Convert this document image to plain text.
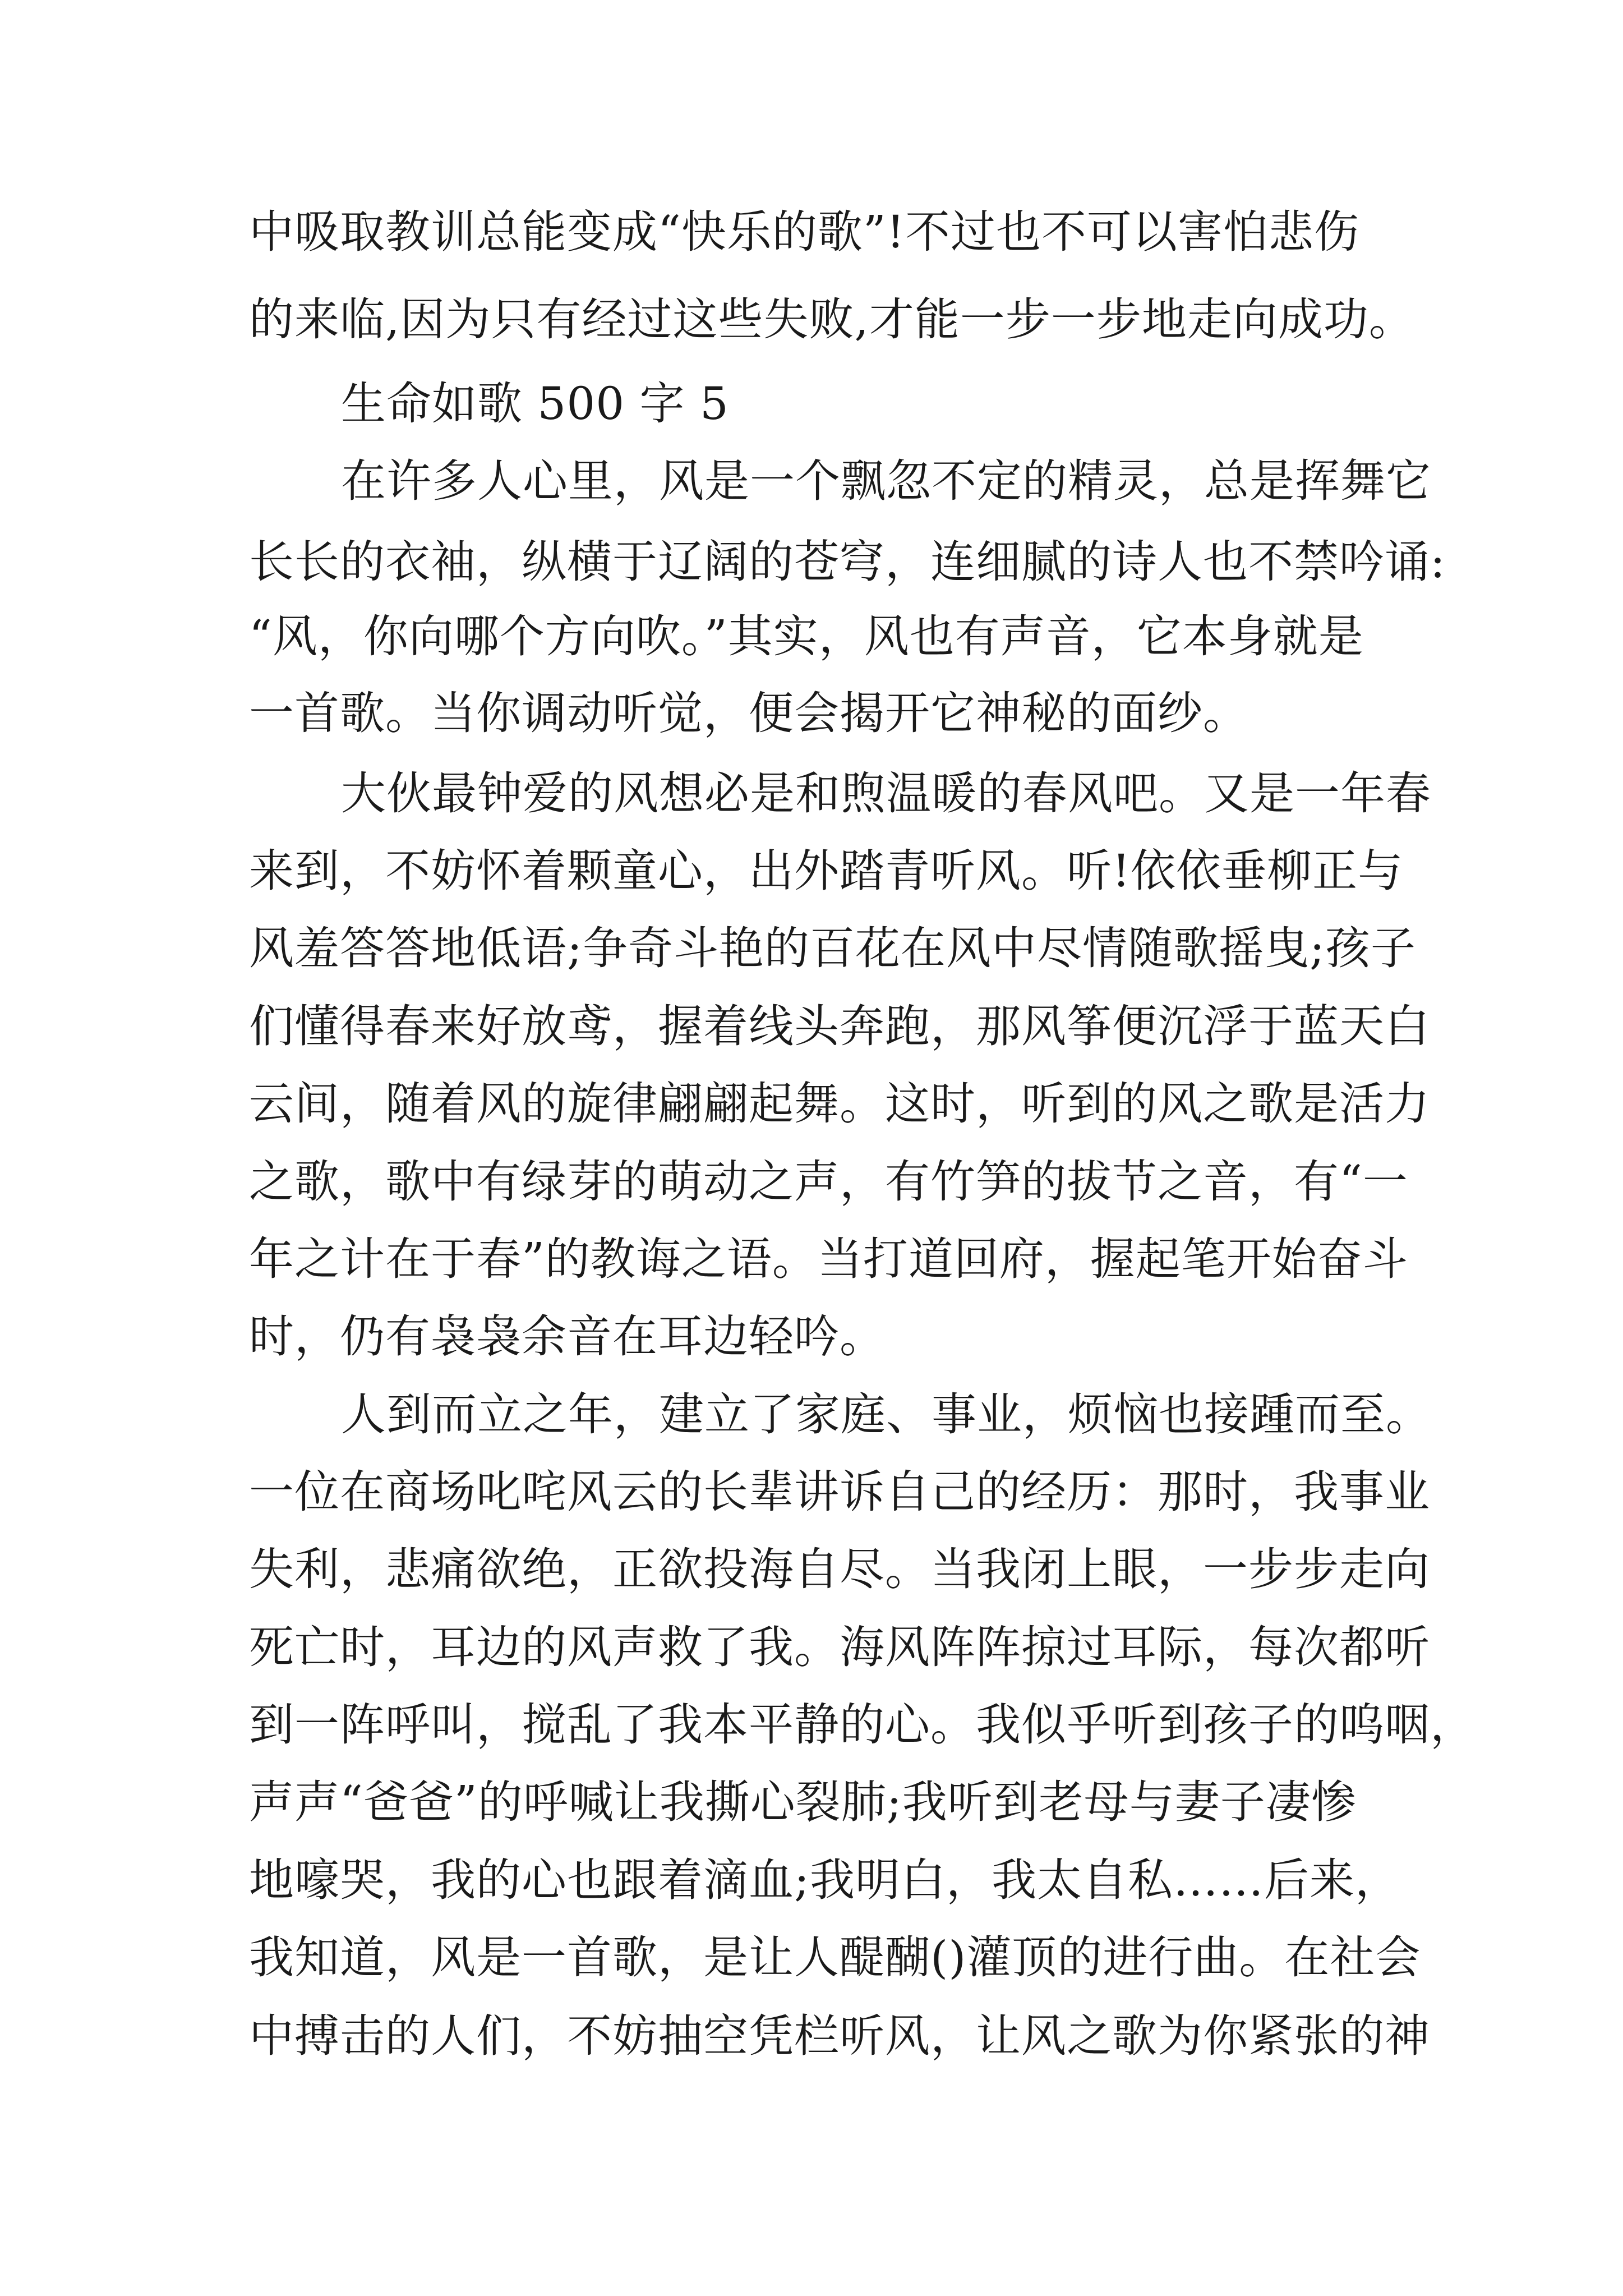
中吸取教训总能变成“快乐的歌”!不过也不可以害怕悲伤
的来临,因为只有经过这些失败,才能一步一步地走向成功。
生命如歌 500 字 5
在许多人心里，风是一个飘忽不定的精灵，总是挥舞它
长长的衣袖，纵横于辽阔的苍穹，连细腻的诗人也不禁吟诵:
“风，你向哪个方向吹。”其实，风也有声音，它本身就是
一首歌。当你调动听觉，便会揭开它神秘的面纱。
大伙最钟爱的风想必是和煦温暖的春风吧。又是一年春
来到，不妨怀着颗童心，出外踏青听风。听!依依垂柳正与
风羞答答地低语;争奇斗艳的百花在风中尽情随歌摇曳;孩子
们懂得春来好放鸢，握着线头奔跑，那风筝便沉浮于蓝天白
云间，随着风的旋律翩翩起舞。这时，听到的风之歌是活力
之歌，歌中有绿芽的萌动之声，有竹笋的拔节之音，有“一
年之计在于春”的教诲之语。当打道回府，握起笔开始奋斗
时，仍有袅袅余音在耳边轻吟。
人到而立之年，建立了家庭、事业，烦恼也接踵而至。
一位在商场叱咤风云的长辈讲诉自己的经历：那时，我事业
失利，悲痛欲绝，正欲投海自尽。当我闭上眼，一步步走向
死亡时，耳边的风声救了我。海风阵阵掠过耳际，每次都听
到一阵呼叫，搅乱了我本平静的心。我似乎听到孩子的呜咽，
声声“爸爸”的呼喊让我撕心裂肺;我听到老母与妻子凄惨
地嚎哭，我的心也跟着滴血;我明白，我太自私……后来，
我知道，风是一首歌，是让人醍醐()灌顶的进行曲。在社会
中搏击的人们，不妨抽空凭栏听风，让风之歌为你紧张的神
